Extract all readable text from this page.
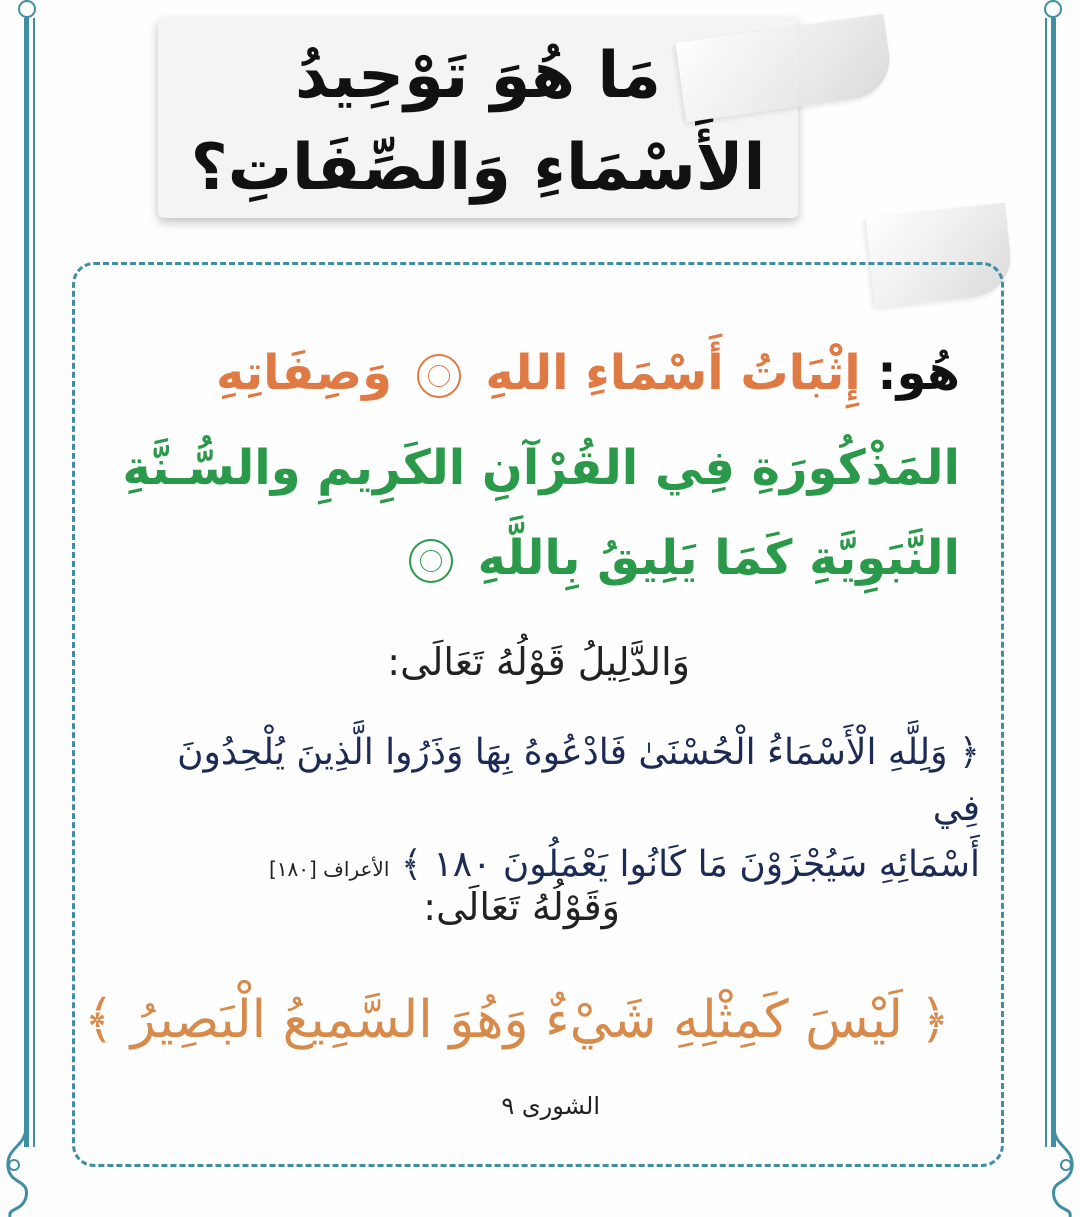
مَا هُوَ تَوْحِيدُ
الأَسْمَاءِ وَالصِّفَاتِ؟
هُو: إِثْبَاتُ أَسْمَاءِ اللهِ  وَصِفَاتِهِ
المَذْكُورَةِ فِي القُرْآنِ الكَرِيمِ والسُّـنَّةِ
النَّبَوِيَّةِ كَمَا يَلِيقُ بِاللَّهِ
وَالدَّلِيلُ قَوْلُهُ تَعَالَى:
﴿ وَلِلَّهِ الْأَسْمَاءُ الْحُسْنَىٰ فَادْعُوهُ بِهَا وَذَرُوا الَّذِينَ يُلْحِدُونَ فِي
أَسْمَائِهِ سَيُجْزَوْنَ مَا كَانُوا يَعْمَلُونَ ١٨٠ ﴾ الأعراف [١٨٠]
وَقَوْلُهُ تَعَالَى:
﴿ لَيْسَ كَمِثْلِهِ شَيْءٌ وَهُوَ السَّمِيعُ الْبَصِيرُ ﴾
الشورى ٩
